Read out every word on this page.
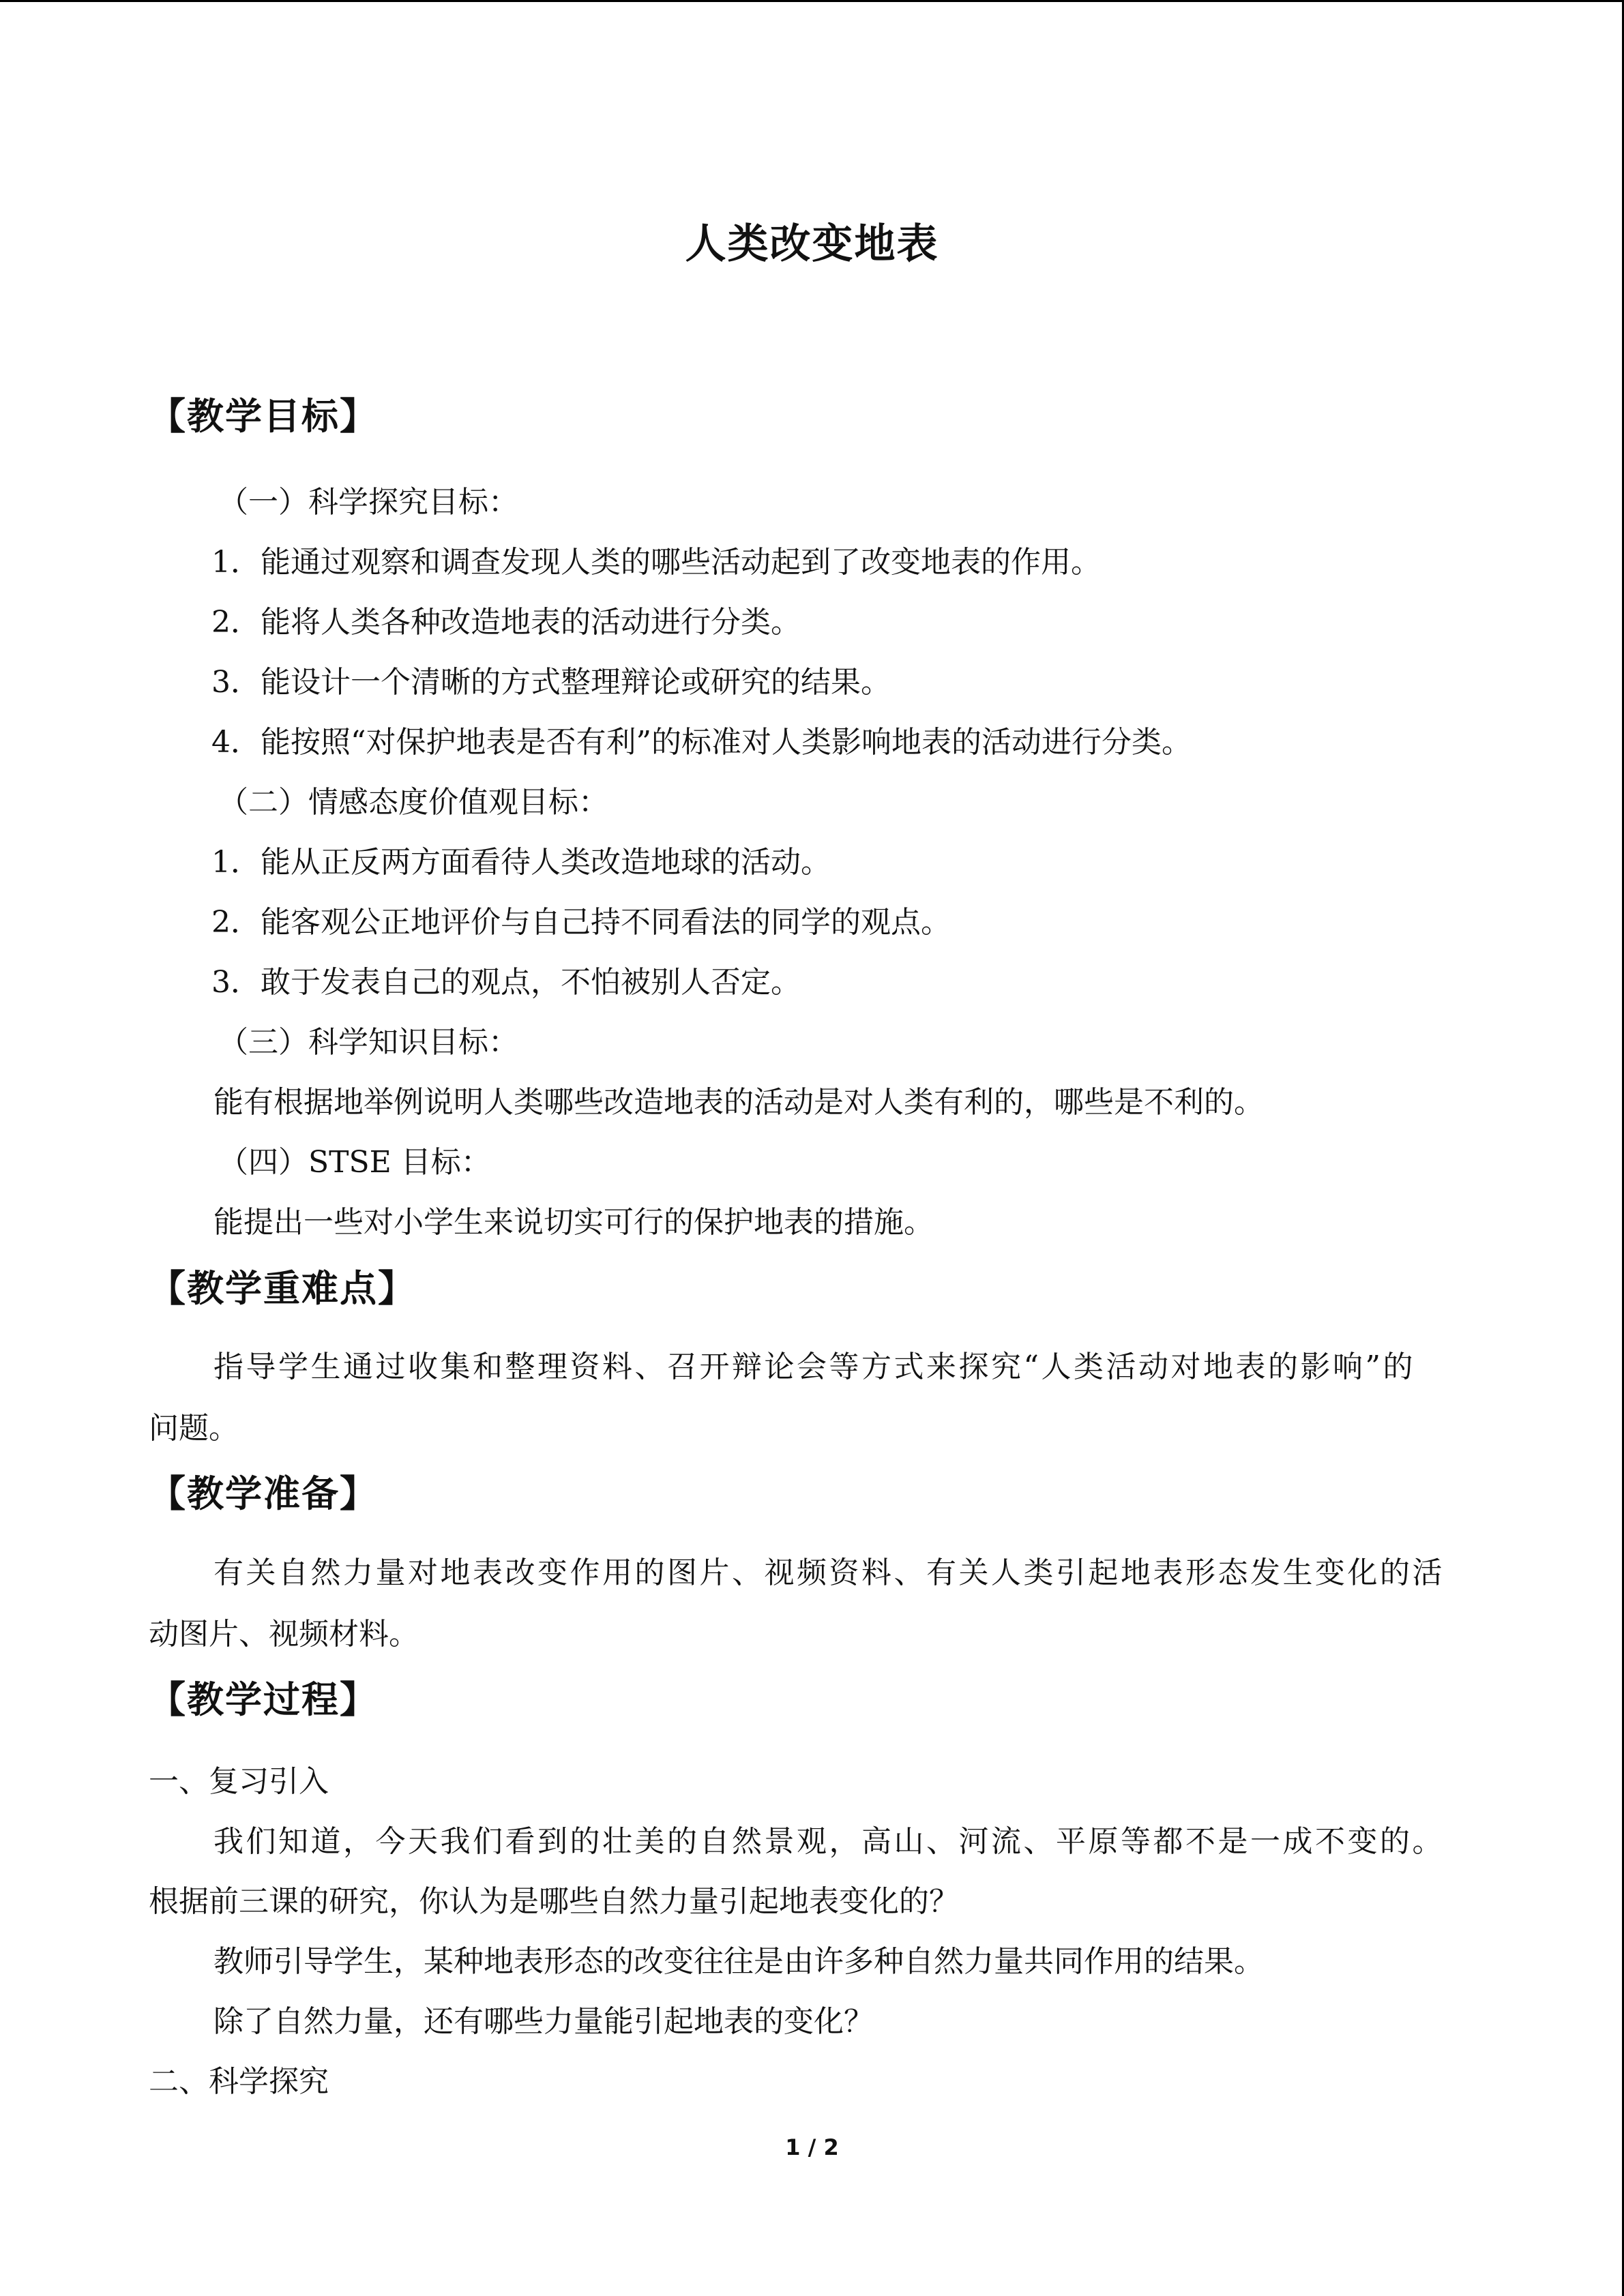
人类改变地表
【教学目标】
（一）科学探究目标：
1．能通过观察和调查发现人类的哪些活动起到了改变地表的作用。
2．能将人类各种改造地表的活动进行分类。
3．能设计一个清晰的方式整理辩论或研究的结果。
4．能按照“对保护地表是否有利”的标准对人类影响地表的活动进行分类。
（二）情感态度价值观目标：
1．能从正反两方面看待人类改造地球的活动。
2．能客观公正地评价与自己持不同看法的同学的观点。
3．敢于发表自己的观点，不怕被别人否定。
（三）科学知识目标：
能有根据地举例说明人类哪些改造地表的活动是对人类有利的，哪些是不利的。
（四）STSE 目标：
能提出一些对小学生来说切实可行的保护地表的措施。
【教学重难点】
指导学生通过收集和整理资料、召开辩论会等方式来探究“人类活动对地表的影响”的
问题。
【教学准备】
有关自然力量对地表改变作用的图片、视频资料、有关人类引起地表形态发生变化的活
动图片、视频材料。
【教学过程】
一、复习引入
我们知道，今天我们看到的壮美的自然景观，高山、河流、平原等都不是一成不变的。
根据前三课的研究，你认为是哪些自然力量引起地表变化的？
教师引导学生，某种地表形态的改变往往是由许多种自然力量共同作用的结果。
除了自然力量，还有哪些力量能引起地表的变化？
二、科学探究
1 / 2
